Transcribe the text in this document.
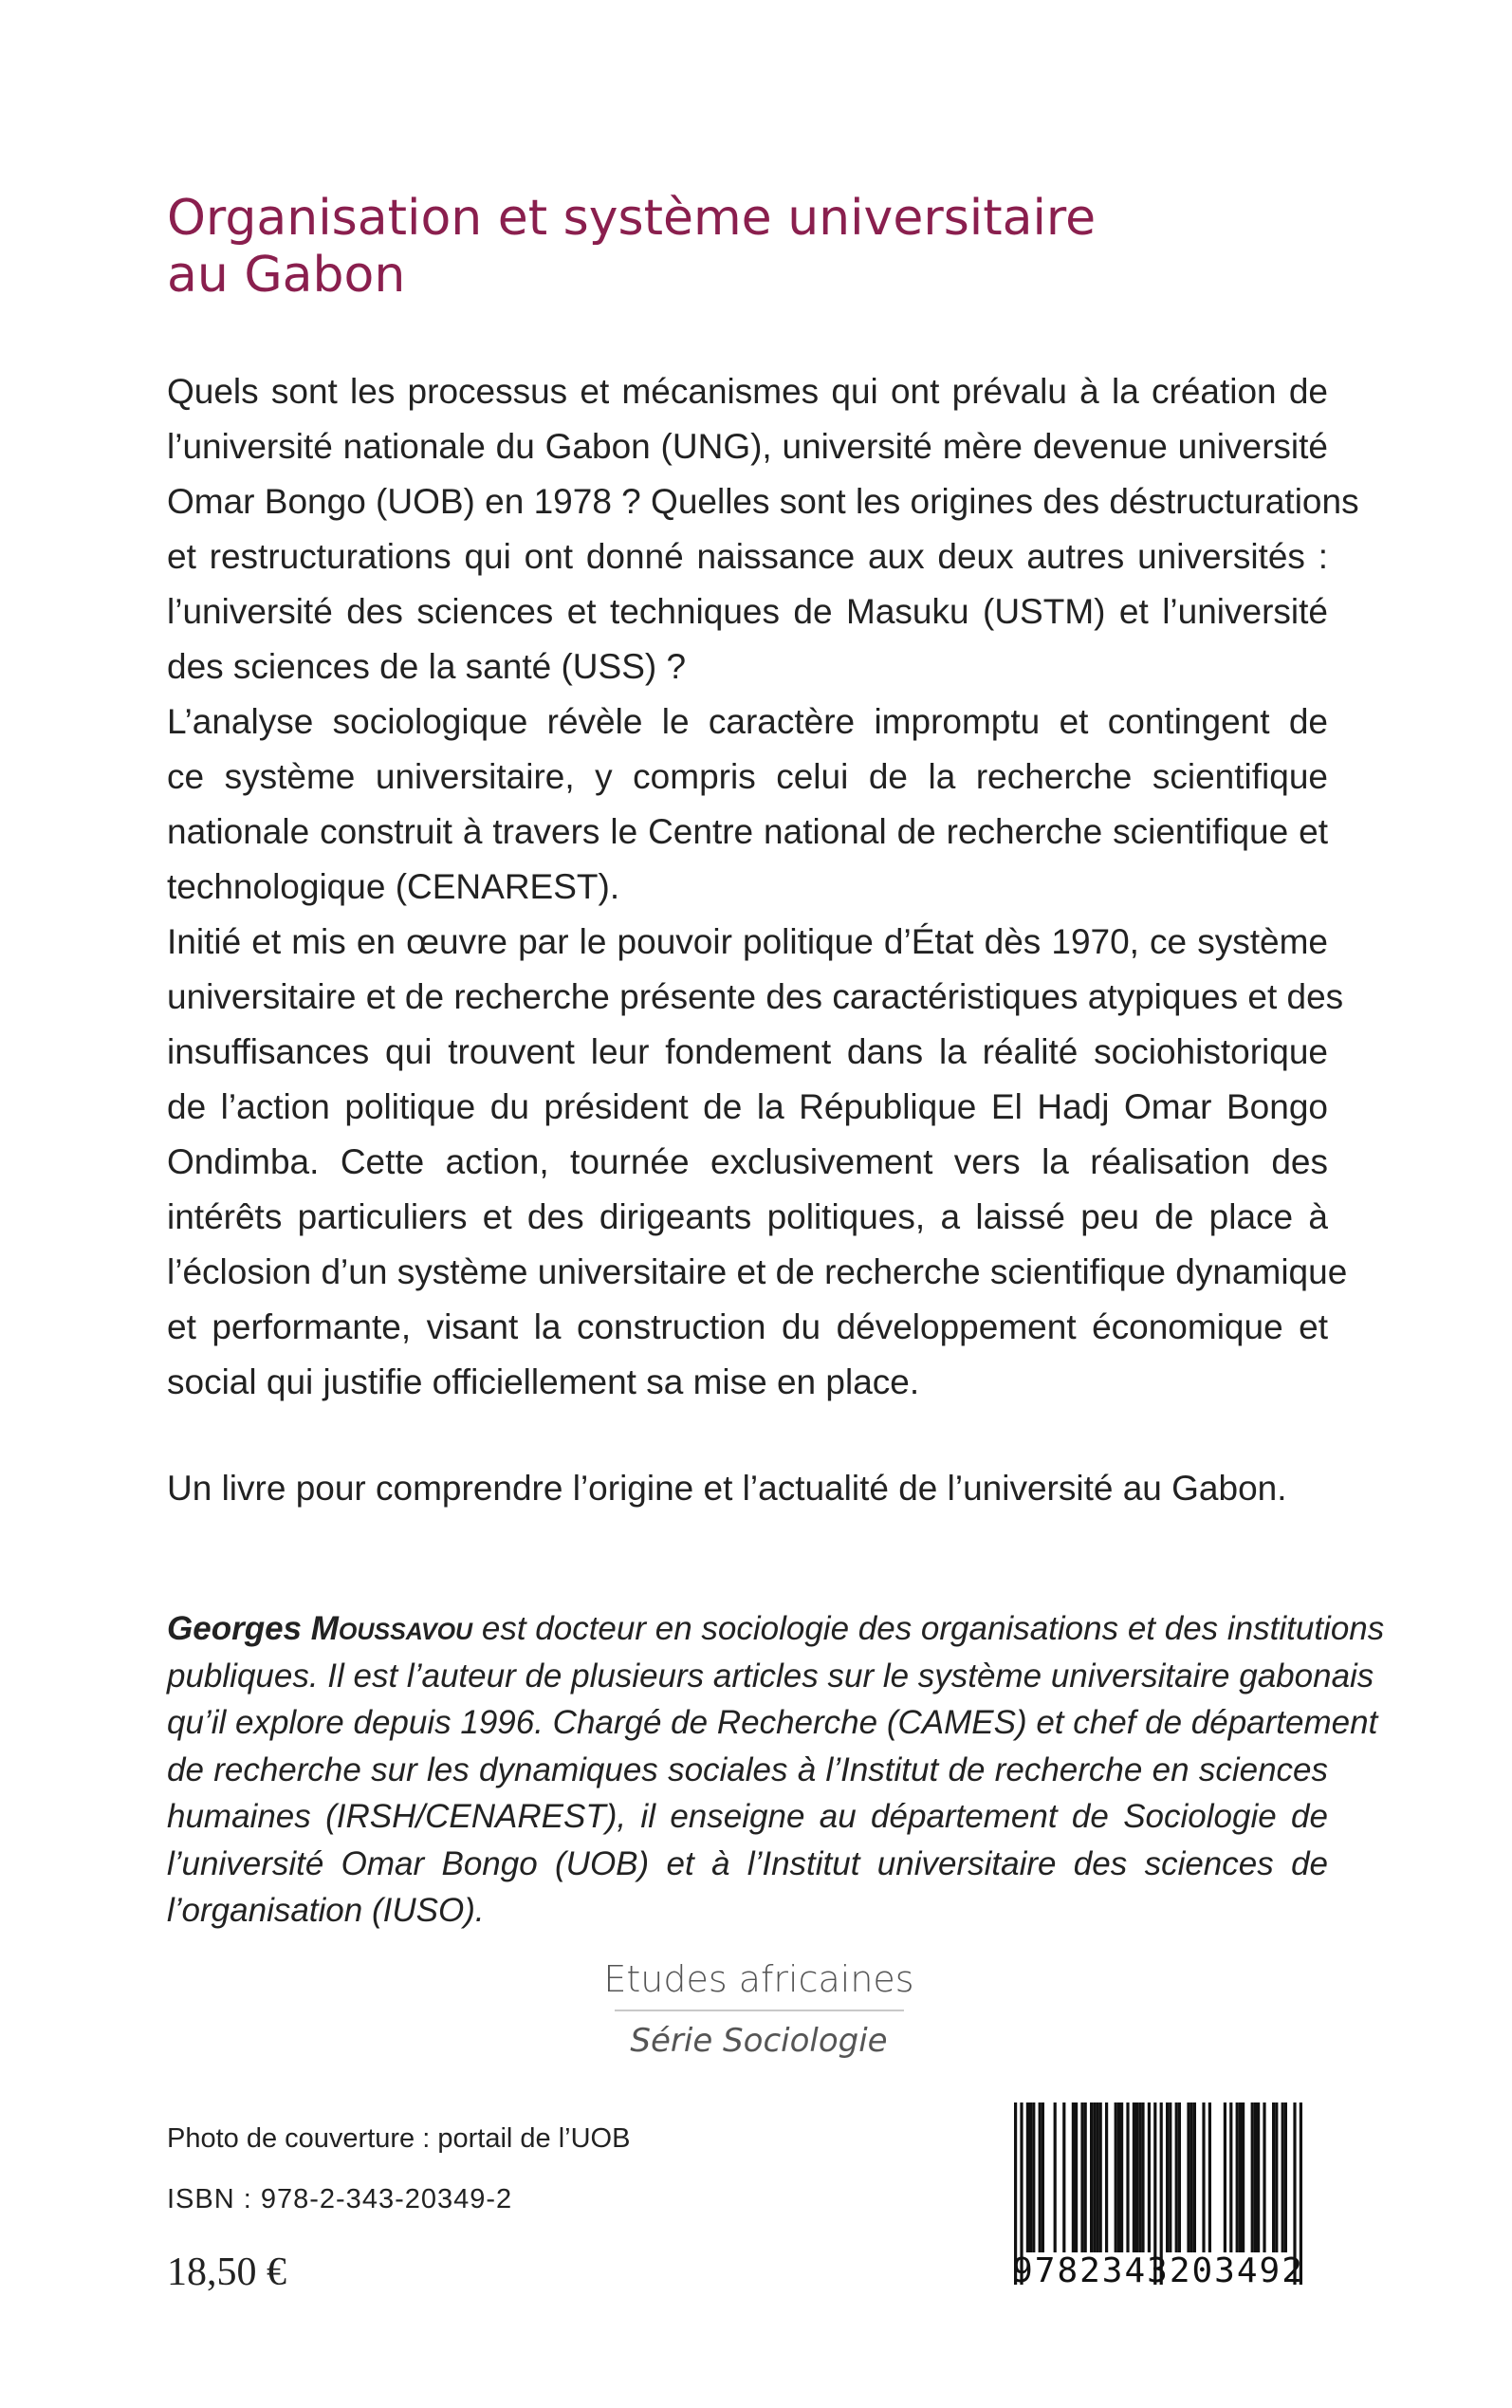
Organisation et système universitaire
au Gabon

Quels sont les processus et mécanismes qui ont prévalu à la création de
l’université nationale du Gabon (UNG), université mère devenue université
Omar Bongo (UOB) en 1978 ? Quelles sont les origines des déstructurations
et restructurations qui ont donné naissance aux deux autres universités :
l’université des sciences et techniques de Masuku (USTM) et l’université
des sciences de la santé (USS) ?

L’analyse sociologique révèle le caractère impromptu et contingent de
ce système universitaire, y compris celui de la recherche scientifique
nationale construit à travers le Centre national de recherche scientifique et
technologique (CENAREST).

Initié et mis en œuvre par le pouvoir politique d’État dès 1970, ce système
universitaire et de recherche présente des caractéristiques atypiques et des
insuffisances qui trouvent leur fondement dans la réalité sociohistorique
de l’action politique du président de la République El Hadj Omar Bongo
Ondimba. Cette action, tournée exclusivement vers la réalisation des
intérêts particuliers et des dirigeants politiques, a laissé peu de place à
l’éclosion d’un système universitaire et de recherche scientifique dynamique
et performante, visant la construction du développement économique et
social qui justifie officiellement sa mise en place.

Un livre pour comprendre l’origine et l’actualité de l’université au Gabon.
Georges Moussavou est docteur en sociologie des organisations et des institutions
publiques. Il est l’auteur de plusieurs articles sur le système universitaire gabonais
qu’il explore depuis 1996. Chargé de Recherche (CAMES) et chef de département
de recherche sur les dynamiques sociales à l’Institut de recherche en sciences
humaines (IRSH/CENAREST), il enseigne au département de Sociologie de
l’université Omar Bongo (UOB) et à l’Institut universitaire des sciences de
l’organisation (IUSO).
Etudes africaines
Série Sociologie
Photo de couverture : portail de l’UOB
ISBN : 978-2-343-20349-2
18,50 €	9782343203492
